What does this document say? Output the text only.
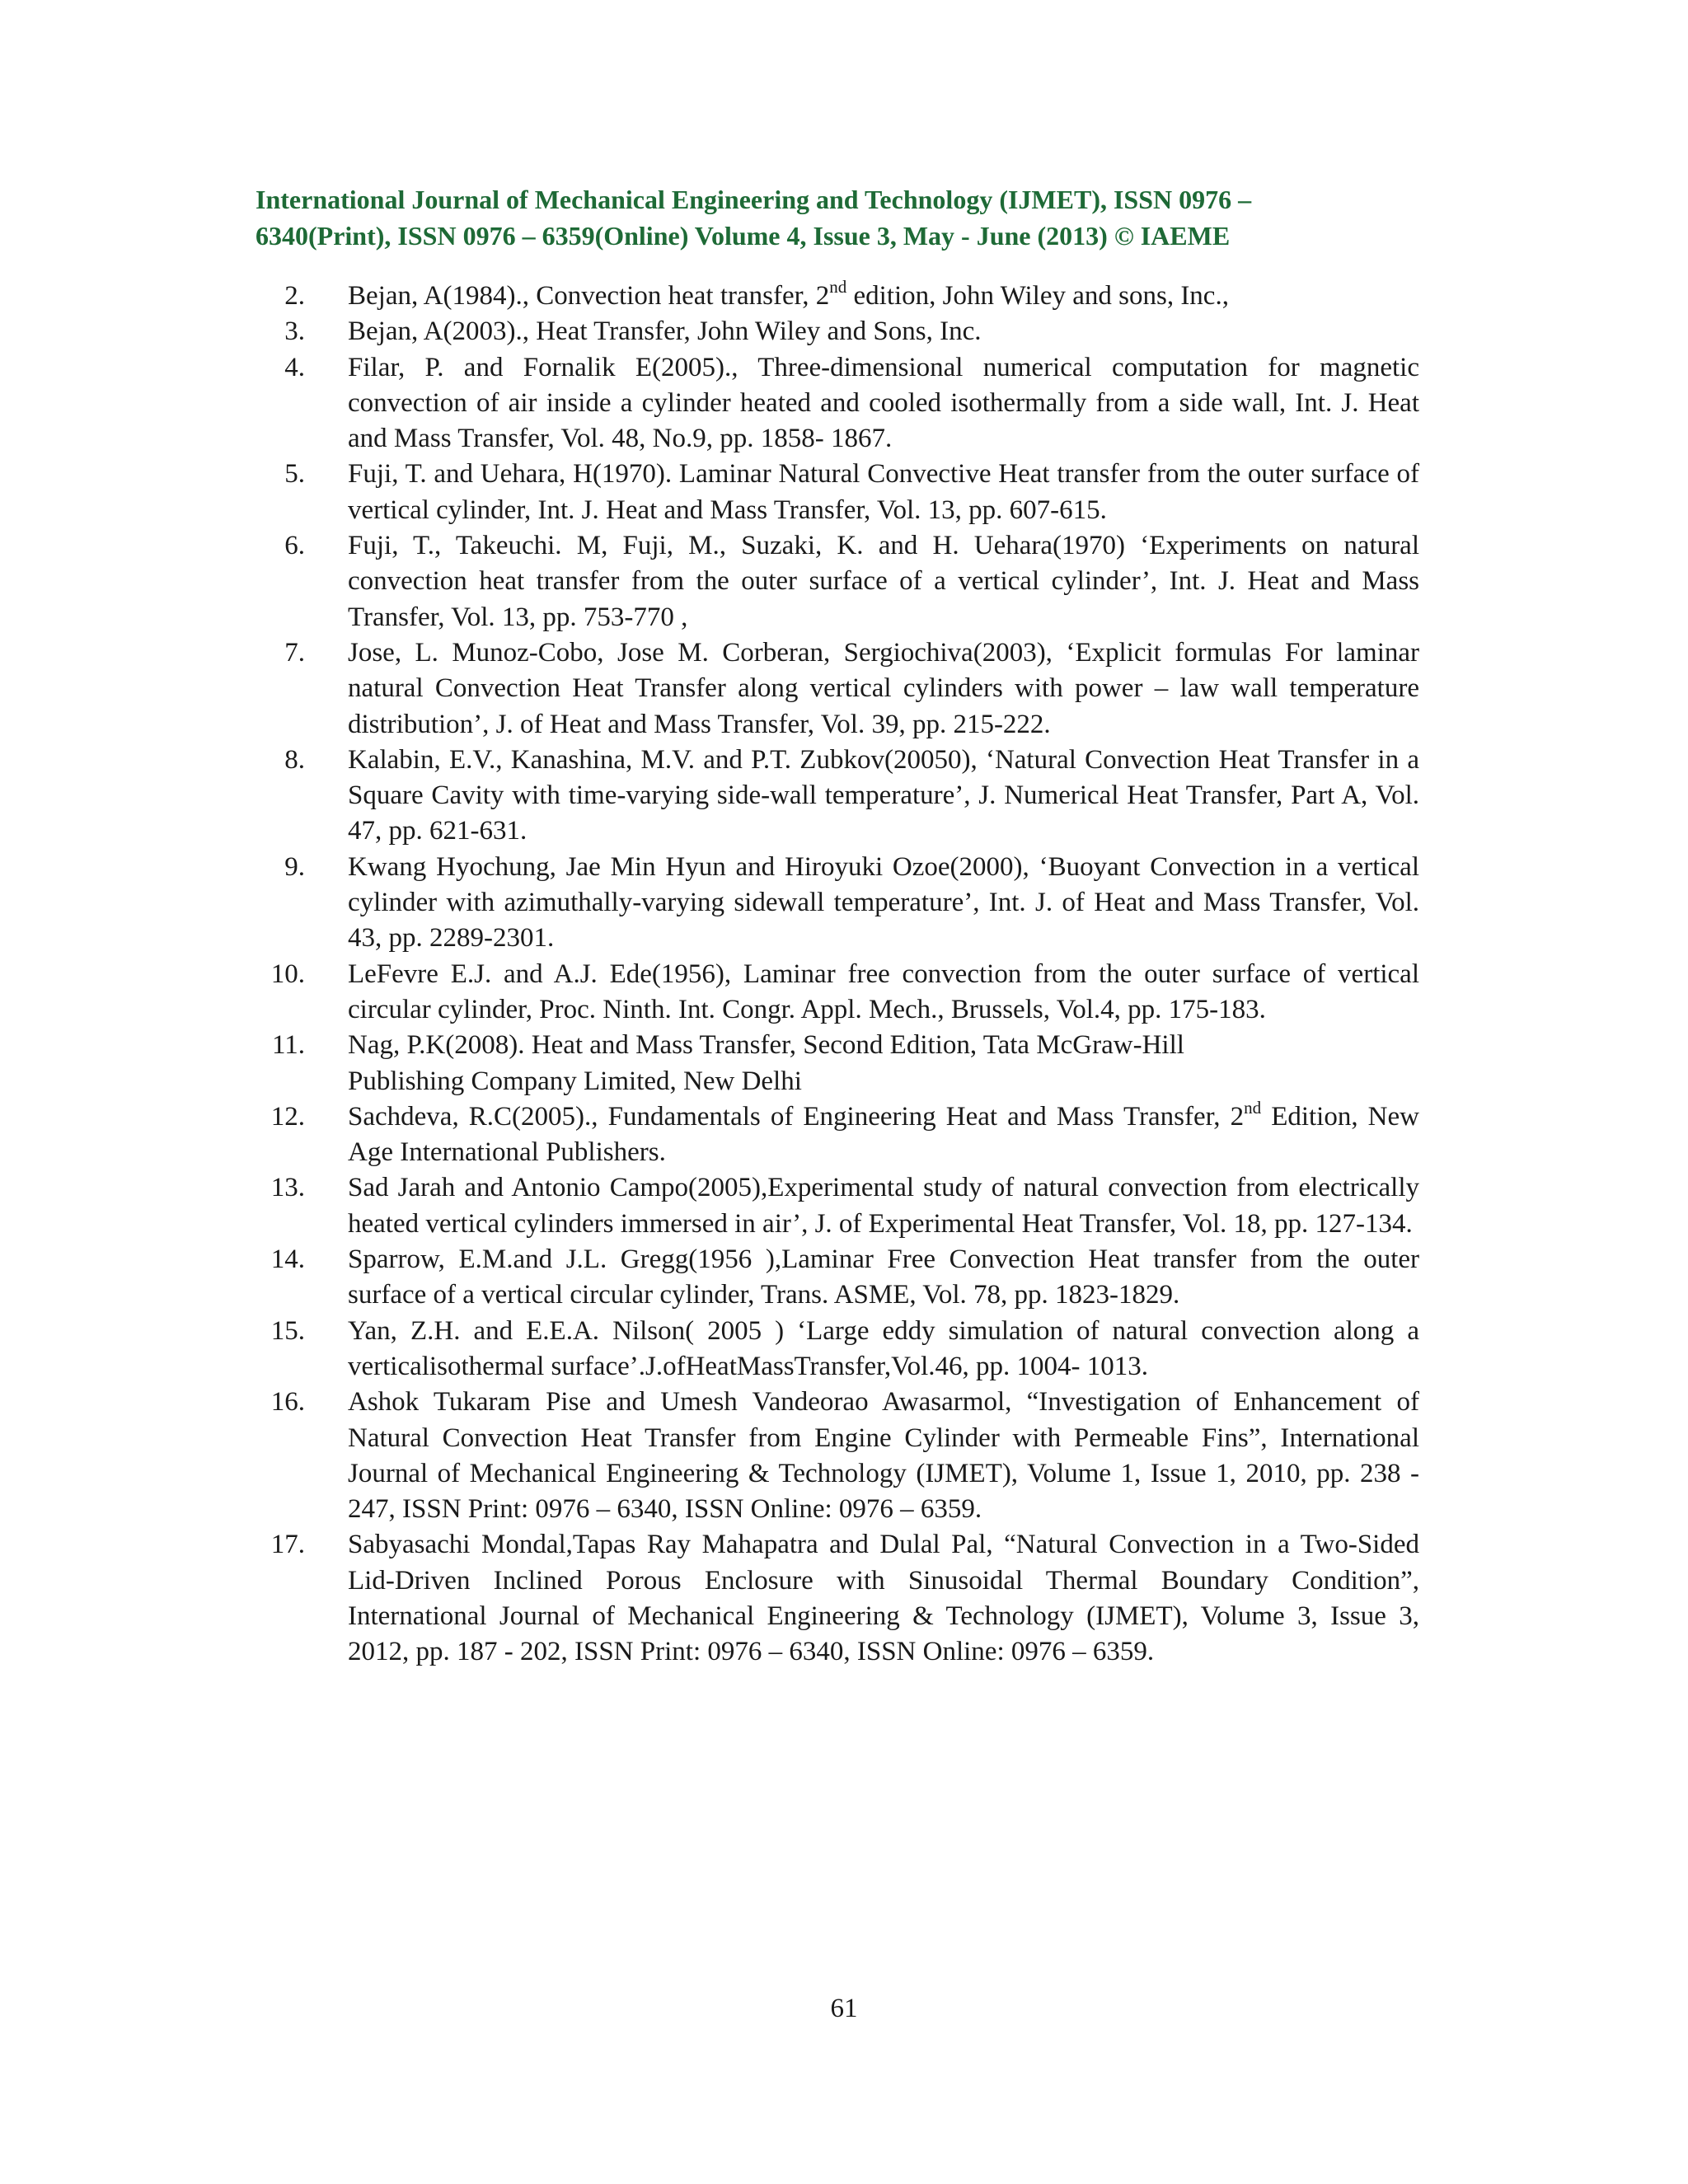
International Journal of Mechanical Engineering and Technology (IJMET), ISSN 0976 –
6340(Print), ISSN 0976 – 6359(Online) Volume 4, Issue 3, May - June (2013) © IAEME
2. Bejan, A(1984)., Convection heat transfer, 2nd edition, John Wiley and sons, Inc.,
3. Bejan, A(2003)., Heat Transfer, John Wiley and Sons, Inc.
4. Filar, P. and Fornalik E(2005)., Three-dimensional numerical computation for magnetic convection of air inside a cylinder heated and cooled isothermally from a side wall, Int. J. Heat and Mass Transfer, Vol. 48, No.9, pp. 1858- 1867.
5. Fuji, T. and Uehara, H(1970). Laminar Natural Convective Heat transfer from the outer surface of vertical cylinder, Int. J. Heat and Mass Transfer, Vol. 13, pp. 607-615.
6. Fuji, T., Takeuchi. M, Fuji, M., Suzaki, K. and H. Uehara(1970) ‘Experiments on natural convection heat transfer from the outer surface of a vertical cylinder’, Int. J. Heat and Mass Transfer, Vol. 13, pp. 753-770 ,
7. Jose, L. Munoz-Cobo, Jose M. Corberan, Sergiochiva(2003), ‘Explicit formulas For laminar natural Convection Heat Transfer along vertical cylinders with power – law wall temperature distribution’, J. of Heat and Mass Transfer, Vol. 39, pp. 215-222.
8. Kalabin, E.V., Kanashina, M.V. and P.T. Zubkov(20050), ‘Natural Convection Heat Transfer in a Square Cavity with time-varying side-wall temperature’, J. Numerical Heat Transfer, Part A, Vol. 47, pp. 621-631.
9. Kwang Hyochung, Jae Min Hyun and Hiroyuki Ozoe(2000), ‘Buoyant Convection in a vertical cylinder with azimuthally-varying sidewall temperature’, Int. J. of Heat and Mass Transfer, Vol. 43, pp. 2289-2301.
10. LeFevre E.J. and A.J. Ede(1956), Laminar free convection from the outer surface of vertical circular cylinder, Proc. Ninth. Int. Congr. Appl. Mech., Brussels, Vol.4, pp. 175-183.
11. Nag, P.K(2008). Heat and Mass Transfer, Second Edition, Tata McGraw-Hill
Publishing Company Limited, New Delhi
12. Sachdeva, R.C(2005)., Fundamentals of Engineering Heat and Mass Transfer, 2nd Edition, New Age International Publishers.
13. Sad Jarah and Antonio Campo(2005),Experimental study of natural convection from electrically heated vertical cylinders immersed in air’, J. of Experimental Heat Transfer, Vol. 18, pp. 127-134.
14. Sparrow, E.M.and J.L. Gregg(1956 ),Laminar Free Convection Heat transfer from the outer surface of a vertical circular cylinder, Trans. ASME, Vol. 78, pp. 1823-1829.
15. Yan, Z.H. and E.E.A. Nilson( 2005 ) ‘Large eddy simulation of natural convection along a verticalisothermal surface’.J.ofHeatMassTransfer,Vol.46, pp. 1004- 1013.
16. Ashok Tukaram Pise and Umesh Vandeorao Awasarmol, “Investigation of Enhancement of Natural Convection Heat Transfer from Engine Cylinder with Permeable Fins”, International Journal of Mechanical Engineering & Technology (IJMET), Volume 1, Issue 1, 2010, pp. 238 - 247, ISSN Print: 0976 – 6340, ISSN Online: 0976 – 6359.
17. Sabyasachi Mondal,Tapas Ray Mahapatra and Dulal Pal, “Natural Convection in a Two-Sided Lid-Driven Inclined Porous Enclosure with Sinusoidal Thermal Boundary Condition”, International Journal of Mechanical Engineering & Technology (IJMET), Volume 3, Issue 3, 2012, pp. 187 - 202, ISSN Print: 0976 – 6340, ISSN Online: 0976 – 6359.
61
